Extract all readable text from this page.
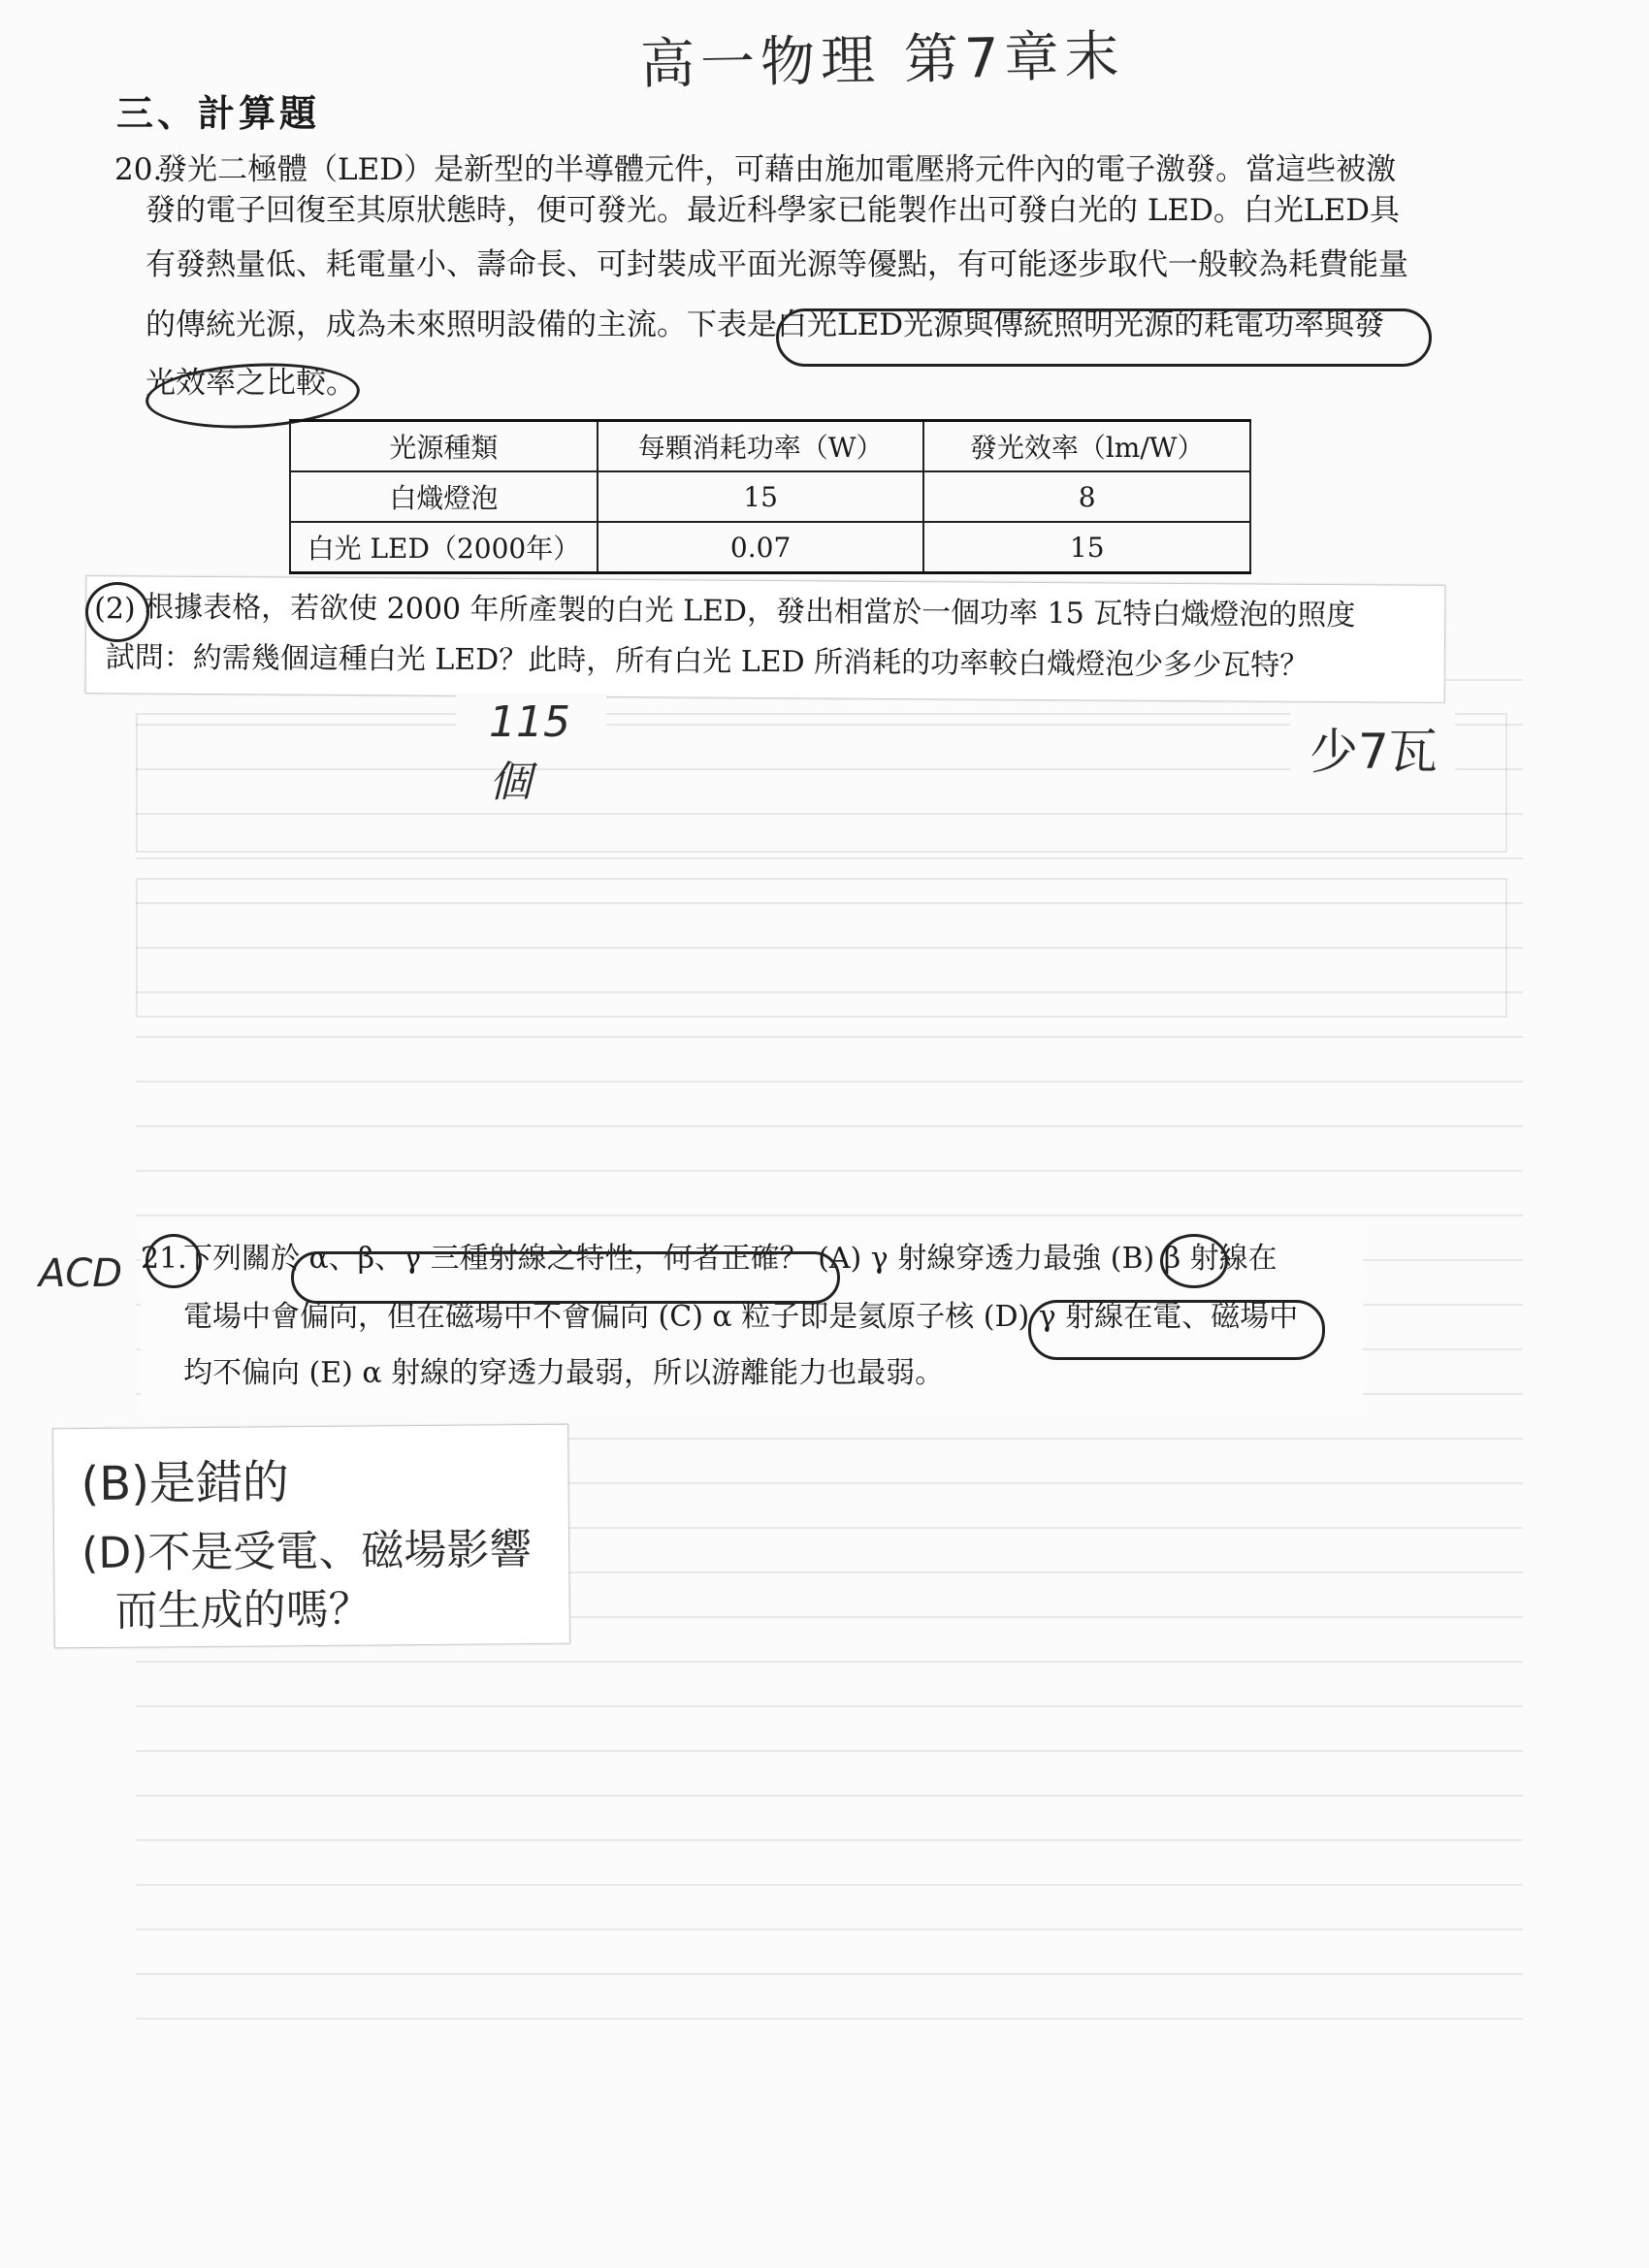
高一物理 第7章末
三、計算題
20.
發光二極體（LED）是新型的半導體元件，可藉由施加電壓將元件內的電子激發。當這些被激
發的電子回復至其原狀態時，便可發光。最近科學家已能製作出可發白光的 LED。白光LED具
有發熱量低、耗電量小、壽命長、可封裝成平面光源等優點，有可能逐步取代一般較為耗費能量
的傳統光源，成為未來照明設備的主流。下表是白光LED光源與傳統照明光源的耗電功率與發
光效率之比較。
光源種類	每顆消耗功率（W）	發光效率（lm/W）
白熾燈泡	15	8
白光 LED（2000年）	0.07	15
(2) 根據表格，若欲使 2000 年所產製的白光 LED，發出相當於一個功率 15 瓦特白熾燈泡的照度
試問：約需幾個這種白光 LED？此時，所有白光 LED 所消耗的功率較白熾燈泡少多少瓦特？
115個
少7瓦
ACD 21.
下列關於 α、β、γ 三種射線之特性，何者正確？ (A) γ 射線穿透力最強 (B) β 射線在
電場中會偏向，但在磁場中不會偏向 (C) α 粒子即是氦原子核 (D) γ 射線在電、磁場中
均不偏向 (E) α 射線的穿透力最弱，所以游離能力也最弱。
(B)是錯的
(D)不是受電、磁場影響
而生成的嗎？
